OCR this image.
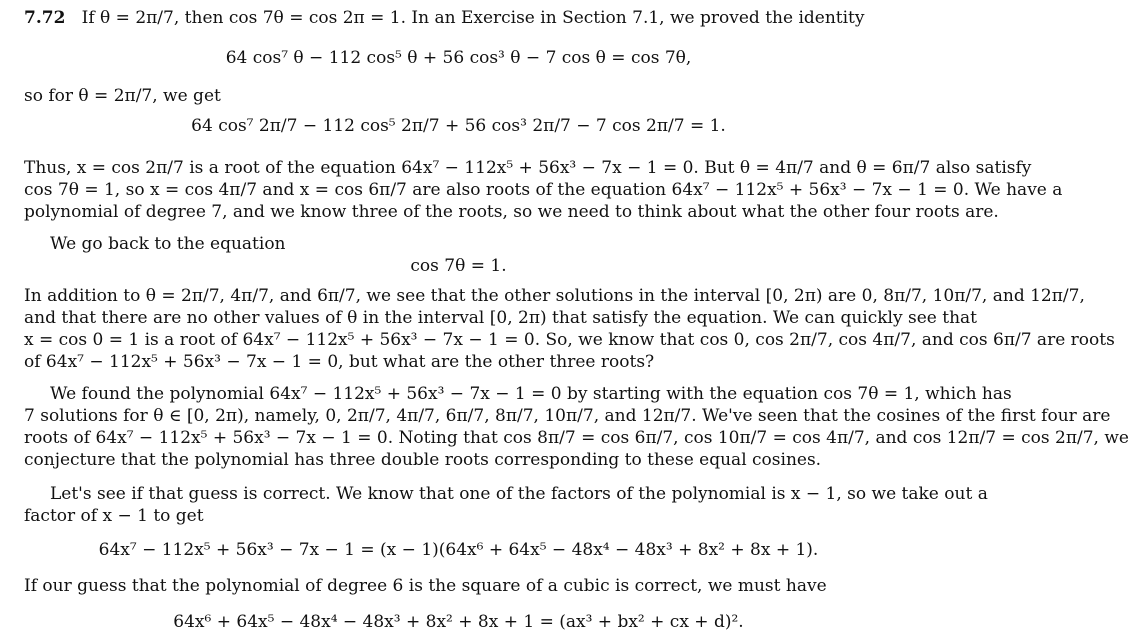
7.72 If θ = 2π/7, then cos 7θ = cos 2π = 1. In an Exercise in Section 7.1, we proved the identity
64 cos⁷ θ − 112 cos⁵ θ + 56 cos³ θ − 7 cos θ = cos 7θ,
so for θ = 2π/7, we get
64 cos⁷ 2π/7 − 112 cos⁵ 2π/7 + 56 cos³ 2π/7 − 7 cos 2π/7 = 1.
Thus, x = cos 2π/7 is a root of the equation 64x⁷ − 112x⁵ + 56x³ − 7x − 1 = 0. But θ = 4π/7 and θ = 6π/7 also satisfy
cos 7θ = 1, so x = cos 4π/7 and x = cos 6π/7 are also roots of the equation 64x⁷ − 112x⁵ + 56x³ − 7x − 1 = 0. We have a
polynomial of degree 7, and we know three of the roots, so we need to think about what the other four roots are.
We go back to the equation
cos 7θ = 1.
In addition to θ = 2π/7, 4π/7, and 6π/7, we see that the other solutions in the interval [0, 2π) are 0, 8π/7, 10π/7, and 12π/7,
and that there are no other values of θ in the interval [0, 2π) that satisfy the equation. We can quickly see that
x = cos 0 = 1 is a root of 64x⁷ − 112x⁵ + 56x³ − 7x − 1 = 0. So, we know that cos 0, cos 2π/7, cos 4π/7, and cos 6π/7 are roots
of 64x⁷ − 112x⁵ + 56x³ − 7x − 1 = 0, but what are the other three roots?
We found the polynomial 64x⁷ − 112x⁵ + 56x³ − 7x − 1 = 0 by starting with the equation cos 7θ = 1, which has
7 solutions for θ ∈ [0, 2π), namely, 0, 2π/7, 4π/7, 6π/7, 8π/7, 10π/7, and 12π/7. We've seen that the cosines of the first four are
roots of 64x⁷ − 112x⁵ + 56x³ − 7x − 1 = 0. Noting that cos 8π/7 = cos 6π/7, cos 10π/7 = cos 4π/7, and cos 12π/7 = cos 2π/7, we
conjecture that the polynomial has three double roots corresponding to these equal cosines.
Let's see if that guess is correct. We know that one of the factors of the polynomial is x − 1, so we take out a
factor of x − 1 to get
64x⁷ − 112x⁵ + 56x³ − 7x − 1 = (x − 1)(64x⁶ + 64x⁵ − 48x⁴ − 48x³ + 8x² + 8x + 1).
If our guess that the polynomial of degree 6 is the square of a cubic is correct, we must have
64x⁶ + 64x⁵ − 48x⁴ − 48x³ + 8x² + 8x + 1 = (ax³ + bx² + cx + d)².
